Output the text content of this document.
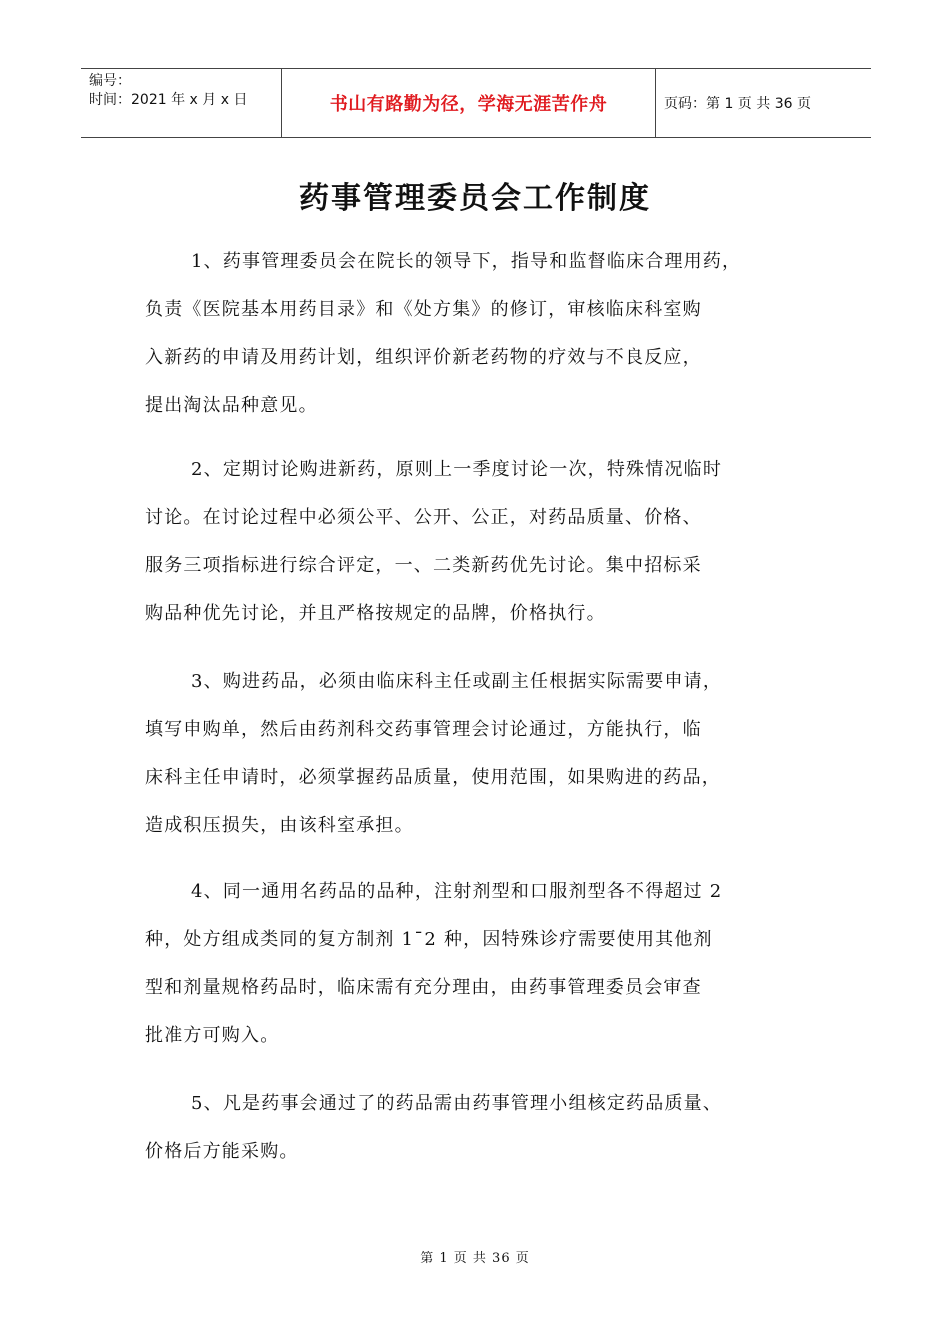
编号：
时间：2021 年 x 月 x 日	书山有路勤为径，学海无涯苦作舟	页码：第 1 页 共 36 页
药事管理委员会工作制度
1、药事管理委员会在院长的领导下，指导和监督临床合理用药，
负责《医院基本用药目录》和《处方集》的修订，审核临床科室购
入新药的申请及用药计划，组织评价新老药物的疗效与不良反应，
提出淘汰品种意见。
2、定期讨论购进新药，原则上一季度讨论一次，特殊情况临时
讨论。在讨论过程中必须公平、公开、公正，对药品质量、价格、
服务三项指标进行综合评定，一、二类新药优先讨论。集中招标采
购品种优先讨论，并且严格按规定的品牌，价格执行。
3、购进药品，必须由临床科主任或副主任根据实际需要申请，
填写申购单，然后由药剂科交药事管理会讨论通过，方能执行，临
床科主任申请时，必须掌握药品质量，使用范围，如果购进的药品，
造成积压损失，由该科室承担。
4、同一通用名药品的品种，注射剂型和口服剂型各不得超过 2
种，处方组成类同的复方制剂 1¯2 种，因特殊诊疗需要使用其他剂
型和剂量规格药品时，临床需有充分理由，由药事管理委员会审查
批准方可购入。
5、凡是药事会通过了的药品需由药事管理小组核定药品质量、
价格后方能采购。
第 1 页 共 36 页
